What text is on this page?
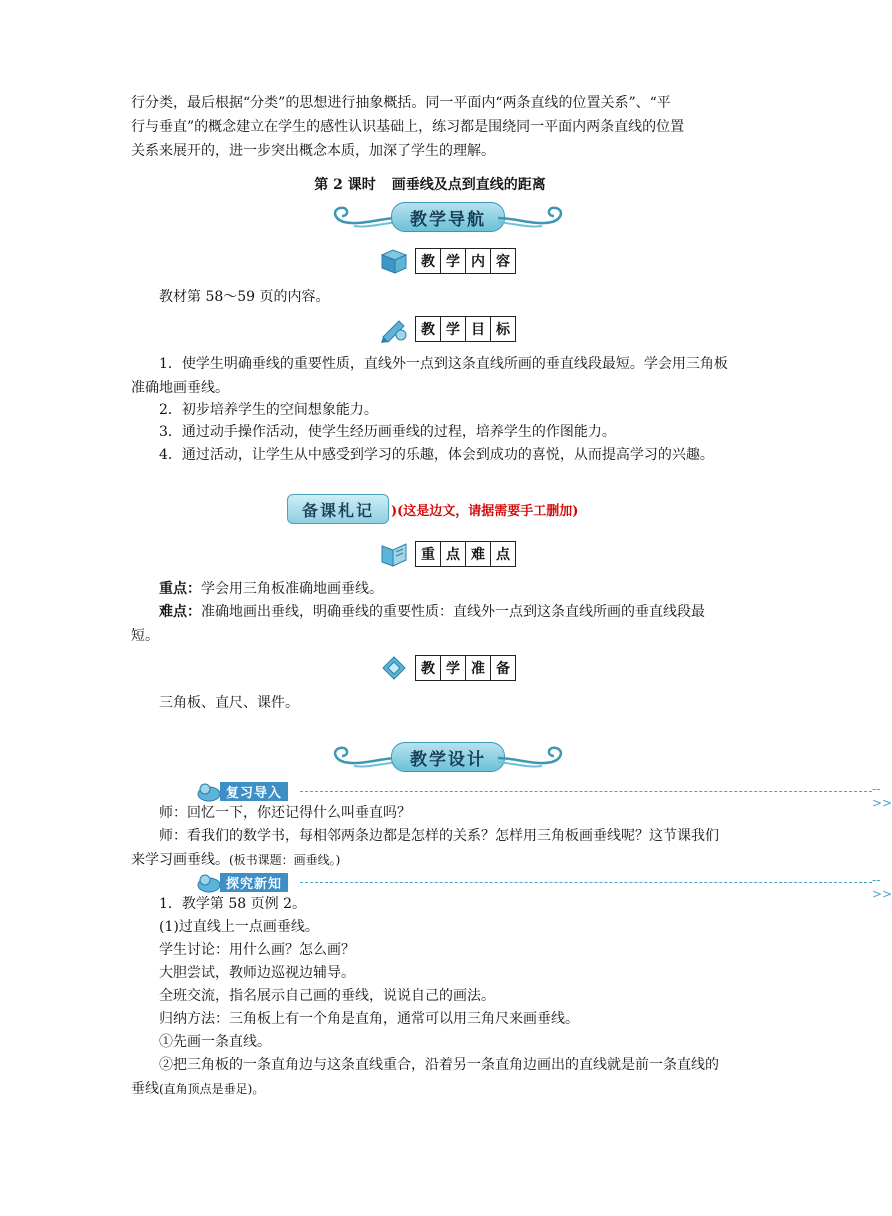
行分类，最后根据“分类”的思想进行抽象概括。同一平面内“两条直线的位置关系”、“平
行与垂直”的概念建立在学生的感性认识基础上，练习都是围绕同一平面内两条直线的位置
关系来展开的，进一步突出概念本质，加深了学生的理解。

第 2 课时 画垂线及点到直线的距离
教学导航
教 学 内 容

教材第 58～59 页的内容。

教 学 目 标

1．使学生明确垂线的重要性质，直线外一点到这条直线所画的垂直线段最短。学会用三角板准确地画垂线。

2．初步培养学生的空间想象能力。

3．通过动手操作活动，使学生经历画垂线的过程，培养学生的作图能力。

4．通过活动，让学生从中感受到学习的乐趣，体会到成功的喜悦，从而提高学习的兴趣。

备课札记	)(这是边文，请据需要手工删加)
重 点 难 点

重点：学会用三角板准确地画垂线。

难点：准确地画出垂线，明确垂线的重要性质：直线外一点到这条直线所画的垂直线段最短。

教 学 准 备

三角板、直尺、课件。

教学设计
复习导入	-->>

师：回忆一下，你还记得什么叫垂直吗？

师：看我们的数学书，每相邻两条边都是怎样的关系？怎样用三角板画垂线呢？这节课我们来学习画垂线。(板书课题：画垂线。)

探究新知	-->>

1．教学第 58 页例 2。

(1)过直线上一点画垂线。

学生讨论：用什么画？怎么画？

大胆尝试，教师边巡视边辅导。

全班交流，指名展示自己画的垂线，说说自己的画法。

归纳方法：三角板上有一个角是直角，通常可以用三角尺来画垂线。

①先画一条直线。

②把三角板的一条直角边与这条直线重合，沿着另一条直角边画出的直线就是前一条直线的垂线(直角顶点是垂足)。
